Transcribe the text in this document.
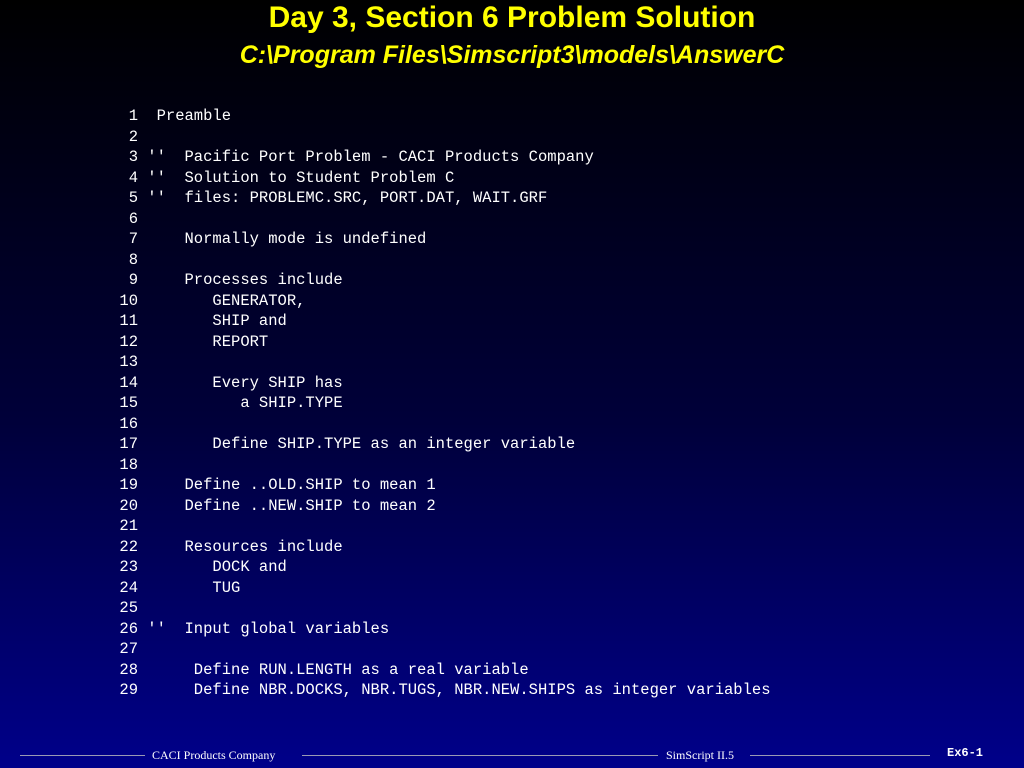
Day 3, Section 6 Problem Solution
C:\Program Files\Simscript3\models\AnswerC
1  Preamble
2
3 ''  Pacific Port Problem - CACI Products Company
4 ''  Solution to Student Problem C
5 ''  files: PROBLEMC.SRC, PORT.DAT, WAIT.GRF
6
7     Normally mode is undefined
8
9     Processes include
10        GENERATOR,
11        SHIP and
12        REPORT
13
14        Every SHIP has
15           a SHIP.TYPE
16
17        Define SHIP.TYPE as an integer variable
18
19     Define ..OLD.SHIP to mean 1
20     Define ..NEW.SHIP to mean 2
21
22     Resources include
23        DOCK and
24        TUG
25
26 ''  Input global variables
27
28      Define RUN.LENGTH as a real variable
29      Define NBR.DOCKS, NBR.TUGS, NBR.NEW.SHIPS as integer variables
CACI Products Company	SimScript II.5	Ex6-1
